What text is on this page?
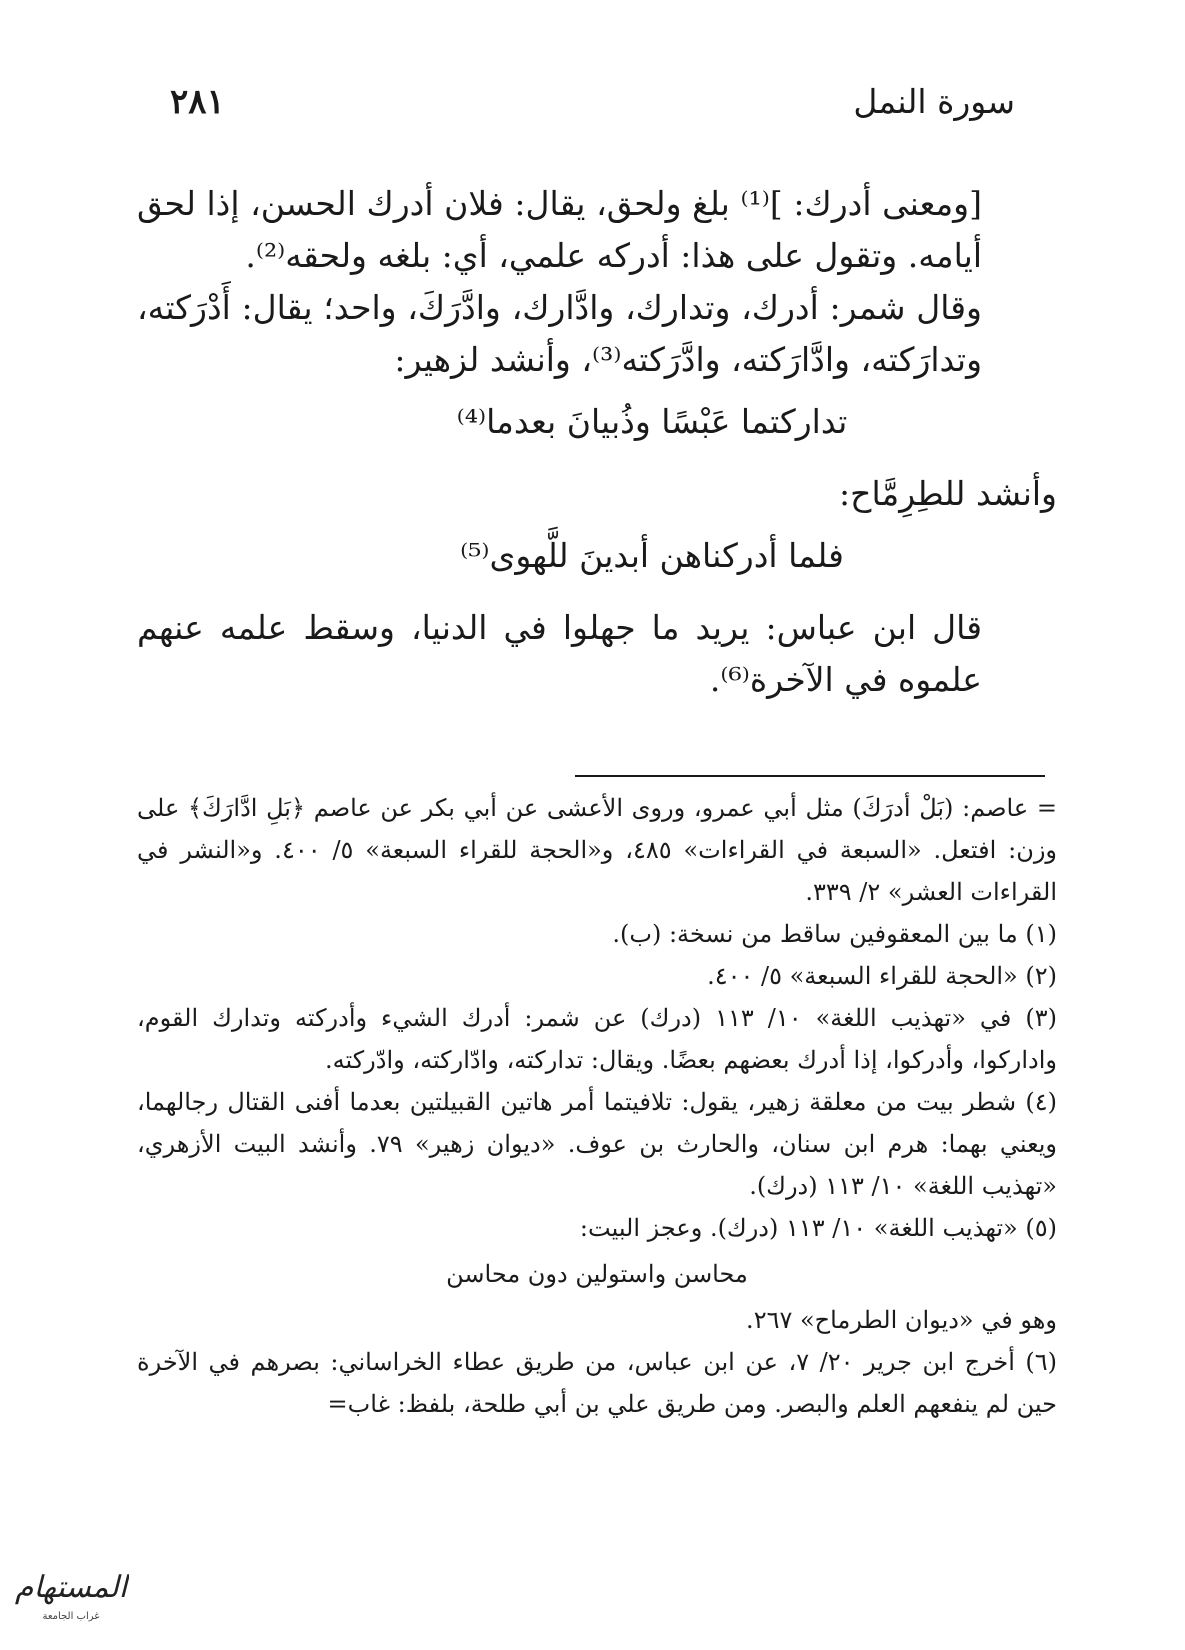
سورة النمل
٢٨١

[ومعنى أدرك: ]⁽¹⁾ بلغ ولحق، يقال: فلان أدرك الحسن، إذا لحق أيامه. وتقول على هذا: أدركه علمي، أي: بلغه ولحقه⁽²⁾.

وقال شمر: أدرك، وتدارك، وادَّارك، وادَّرَكَ، واحد؛ يقال: أَدْرَكته، وتدارَكته، وادَّارَكته، وادَّرَكته⁽³⁾، وأنشد لزهير:

تداركتما عَبْسًا وذُبيانَ بعدما⁽⁴⁾

وأنشد للطِرِمَّاح:

فلما أدركناهن أبدينَ للَّهوى⁽⁵⁾

قال ابن عباس: يريد ما جهلوا في الدنيا، وسقط علمه عنهم علموه في الآخرة⁽⁶⁾.

= عاصم: (بَلْ أدرَكَ) مثل أبي عمرو، وروى الأعشى عن أبي بكر عن عاصم ﴿بَلِ ادَّارَكَ﴾ على وزن: افتعل. «السبعة في القراءات» ٤٨٥، و«الحجة للقراء السبعة» ٥/ ٤٠٠. و«النشر في القراءات العشر» ٢/ ٣٣٩.

(١) ما بين المعقوفين ساقط من نسخة: (ب).

(٢) «الحجة للقراء السبعة» ٥/ ٤٠٠.

(٣) في «تهذيب اللغة» ١٠/ ١١٣ (درك) عن شمر: أدرك الشيء وأدركته وتدارك القوم، وادارکوا، وأدركوا، إذا أدرك بعضهم بعضًا. ويقال: تداركته، وادّاركته، وادّركته.

(٤) شطر بيت من معلقة زهير، يقول: تلافيتما أمر هاتين القبيلتين بعدما أفنى القتال رجالهما، ويعني بهما: هرم ابن سنان، والحارث بن عوف. «ديوان زهير» ٧٩. وأنشد البيت الأزهري، «تهذيب اللغة» ١٠/ ١١٣ (درك).

(٥) «تهذيب اللغة» ١٠/ ١١٣ (درك). وعجز البيت:

محاسن واستولين دون محاسن

وهو في «ديوان الطرماح» ٢٦٧.

(٦) أخرج ابن جرير ٢٠/ ٧، عن ابن عباس، من طريق عطاء الخراساني: بصرهم في الآخرة حين لم ينفعهم العلم والبصر. ومن طريق علي بن أبي طلحة، بلفظ: غاب=

المستهام
غراب الجامعة
